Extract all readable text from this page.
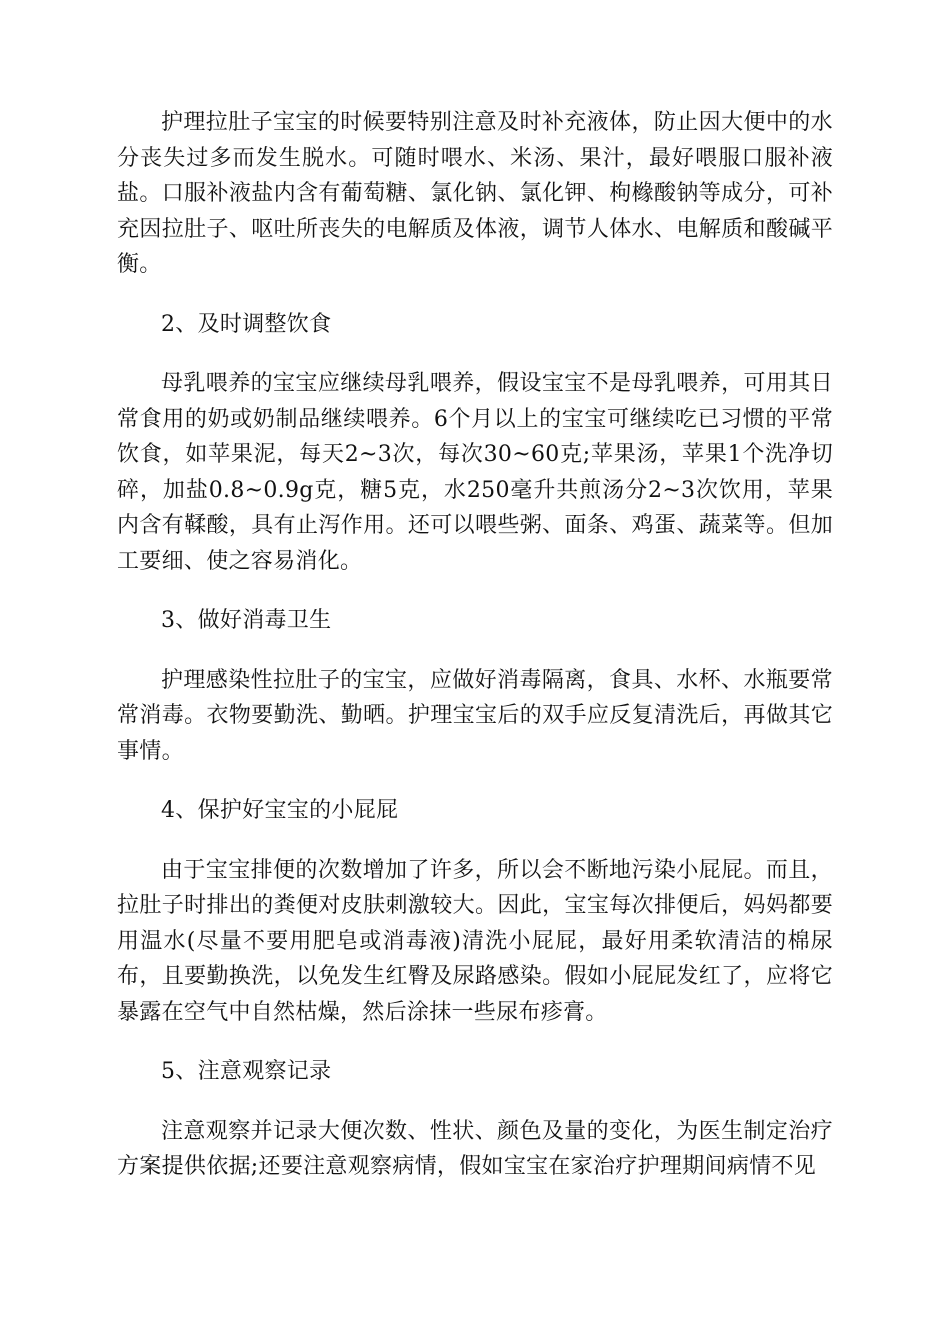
护理拉肚子宝宝的时候要特别注意及时补充液体，防止因大便中的水分丧失过多而发生脱水。可随时喂水、米汤、果汁，最好喂服口服补液盐。口服补液盐内含有葡萄糖、氯化钠、氯化钾、枸橼酸钠等成分，可补充因拉肚子、呕吐所丧失的电解质及体液，调节人体水、电解质和酸碱平衡。

2、及时调整饮食

母乳喂养的宝宝应继续母乳喂养，假设宝宝不是母乳喂养，可用其日常食用的奶或奶制品继续喂养。6个月以上的宝宝可继续吃已习惯的平常饮食，如苹果泥，每天2~3次，每次30~60克;苹果汤，苹果1个洗净切碎，加盐0.8~0.9g克，糖5克，水250毫升共煎汤分2~3次饮用，苹果内含有鞣酸，具有止泻作用。还可以喂些粥、面条、鸡蛋、蔬菜等。但加工要细、使之容易消化。

3、做好消毒卫生

护理感染性拉肚子的宝宝，应做好消毒隔离，食具、水杯、水瓶要常常消毒。衣物要勤洗、勤晒。护理宝宝后的双手应反复清洗后，再做其它事情。

4、保护好宝宝的小屁屁

由于宝宝排便的次数增加了许多，所以会不断地污染小屁屁。而且，拉肚子时排出的粪便对皮肤刺激较大。因此，宝宝每次排便后，妈妈都要用温水(尽量不要用肥皂或消毒液)清洗小屁屁，最好用柔软清洁的棉尿布，且要勤换洗，以免发生红臀及尿路感染。假如小屁屁发红了，应将它暴露在空气中自然枯燥，然后涂抹一些尿布疹膏。

5、注意观察记录

注意观察并记录大便次数、性状、颜色及量的变化，为医生制定治疗方案提供依据;还要注意观察病情，假如宝宝在家治疗护理期间病情不见
